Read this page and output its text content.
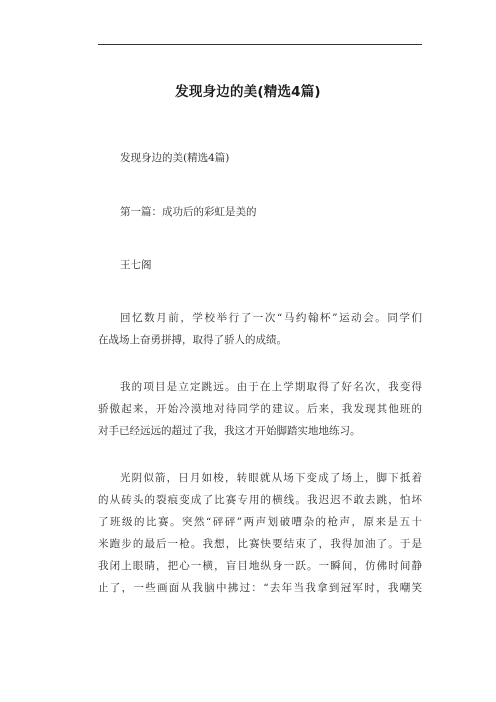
发现身边的美(精选4篇)
发现身边的美(精选4篇)
第一篇：成功后的彩虹是美的
王七阁
回忆数月前，学校举行了一次“马约翰杯”运动会。同学们
在战场上奋勇拼搏，取得了骄人的成绩。
我的项目是立定跳远。由于在上学期取得了好名次，我变得
骄傲起来，开始冷漠地对待同学的建议。后来，我发现其他班的
对手已经远远的超过了我，我这才开始脚踏实地地练习。
光阴似箭，日月如梭，转眼就从场下变成了场上，脚下抵着
的从砖头的裂痕变成了比赛专用的横线。我迟迟不敢去跳，怕坏
了班级的比赛。突然“砰砰”两声划破嘈杂的枪声，原来是五十
米跑步的最后一枪。我想，比赛快要结束了，我得加油了。于是
我闭上眼睛，把心一横，盲目地纵身一跃。一瞬间，仿佛时间静
止了，一些画面从我脑中拂过：“去年当我拿到冠军时，我嘲笑
